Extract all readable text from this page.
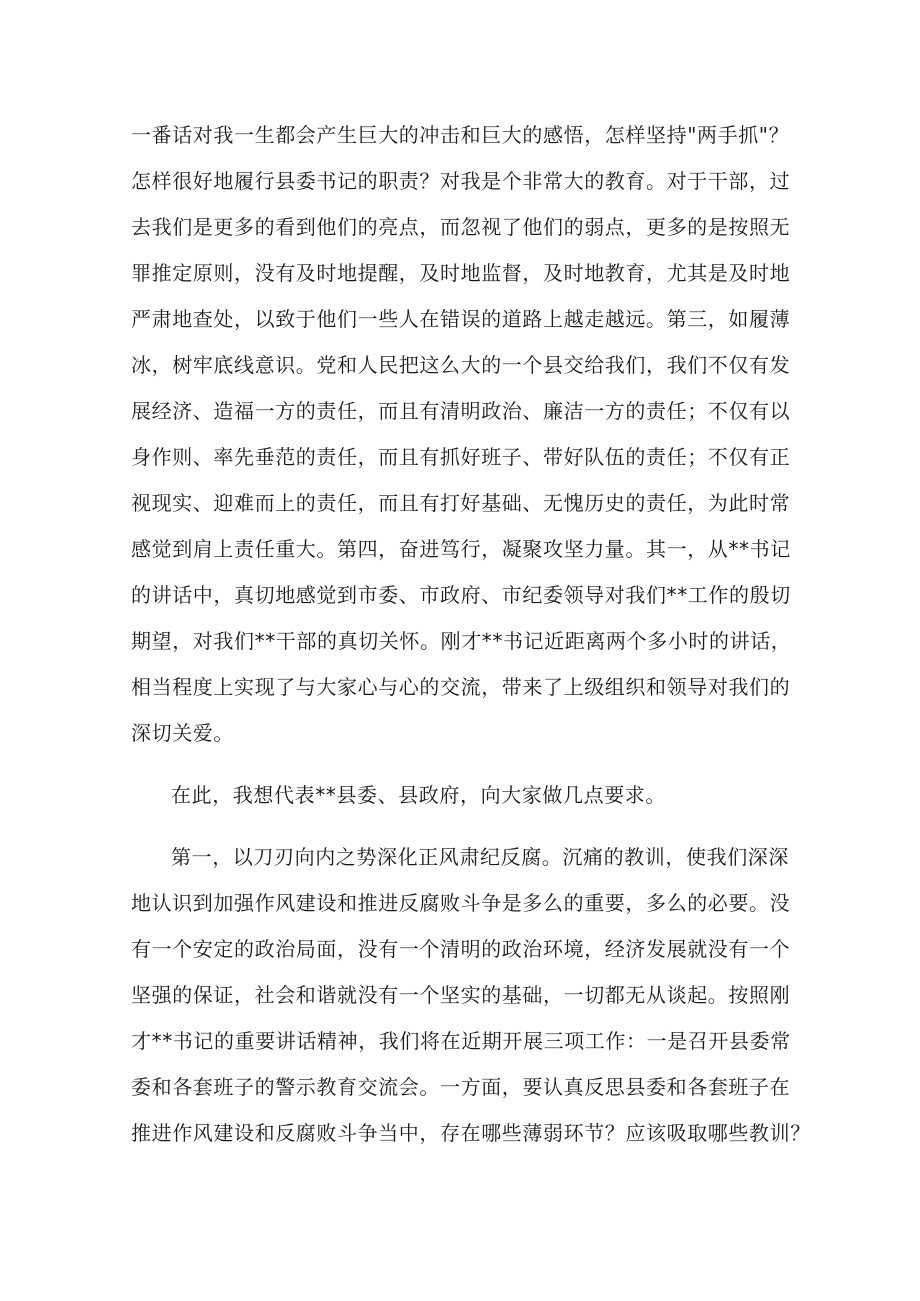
一番话对我一生都会产生巨大的冲击和巨大的感悟，怎样坚持"两手抓"？
怎样很好地履行县委书记的职责？对我是个非常大的教育。对于干部，过
去我们是更多的看到他们的亮点，而忽视了他们的弱点，更多的是按照无
罪推定原则，没有及时地提醒，及时地监督，及时地教育，尤其是及时地
严肃地查处，以致于他们一些人在错误的道路上越走越远。第三，如履薄
冰，树牢底线意识。党和人民把这么大的一个县交给我们，我们不仅有发
展经济、造福一方的责任，而且有清明政治、廉洁一方的责任；不仅有以
身作则、率先垂范的责任，而且有抓好班子、带好队伍的责任；不仅有正
视现实、迎难而上的责任，而且有打好基础、无愧历史的责任，为此时常
感觉到肩上责任重大。第四，奋进笃行，凝聚攻坚力量。其一，从**书记
的讲话中，真切地感觉到市委、市政府、市纪委领导对我们**工作的殷切
期望，对我们**干部的真切关怀。刚才**书记近距离两个多小时的讲话，
相当程度上实现了与大家心与心的交流，带来了上级组织和领导对我们的
深切关爱。
在此，我想代表**县委、县政府，向大家做几点要求。
第一，以刀刃向内之势深化正风肃纪反腐。沉痛的教训，使我们深深
地认识到加强作风建设和推进反腐败斗争是多么的重要，多么的必要。没
有一个安定的政治局面，没有一个清明的政治环境，经济发展就没有一个
坚强的保证，社会和谐就没有一个坚实的基础，一切都无从谈起。按照刚
才**书记的重要讲话精神，我们将在近期开展三项工作：一是召开县委常
委和各套班子的警示教育交流会。一方面，要认真反思县委和各套班子在
推进作风建设和反腐败斗争当中，存在哪些薄弱环节？应该吸取哪些教训？
